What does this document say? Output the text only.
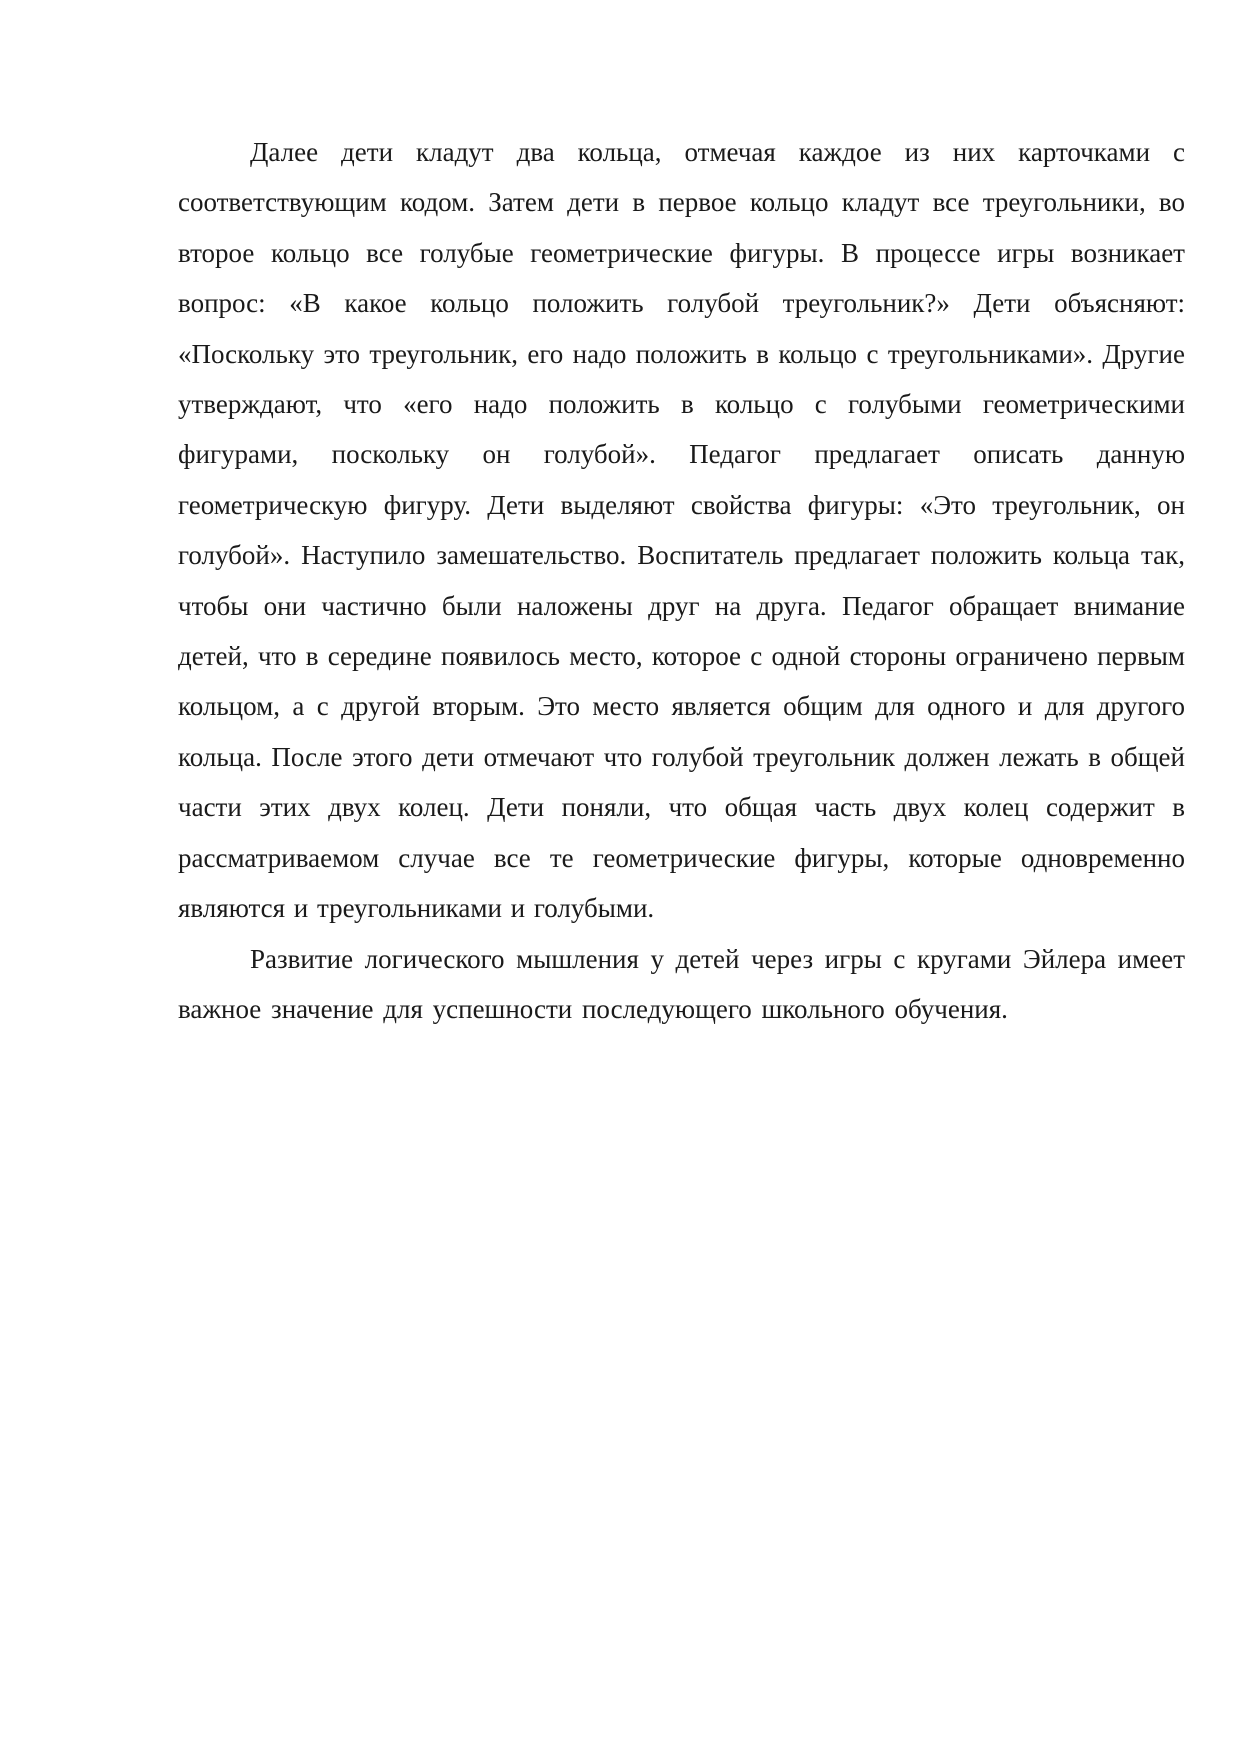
Далее дети кладут два кольца, отмечая каждое из них карточками с соответствующим кодом. Затем дети в первое кольцо кладут все треугольники, во второе кольцо все голубые геометрические фигуры. В процессе игры возникает вопрос: «В какое кольцо положить голубой треугольник?» Дети объясняют: «Поскольку это треугольник, его надо положить в кольцо с треугольниками». Другие утверждают, что «его надо положить в кольцо с голубыми геометрическими фигурами, поскольку он голубой». Педагог предлагает описать данную геометрическую фигуру. Дети выделяют свойства фигуры: «Это треугольник, он голубой». Наступило замешательство. Воспитатель предлагает положить кольца так, чтобы они частично были наложены друг на друга. Педагог обращает внимание детей, что в середине появилось место, которое с одной стороны ограничено первым кольцом, а с другой вторым. Это место является общим для одного и для другого кольца. После этого дети отмечают что голубой треугольник должен лежать в общей части этих двух колец. Дети поняли, что общая часть двух колец содержит в рассматриваемом случае все те геометрические фигуры, которые одновременно являются и треугольниками и голубыми.

Развитие логического мышления у детей через игры с кругами Эйлера имеет важное значение для успешности последующего школьного обучения.
